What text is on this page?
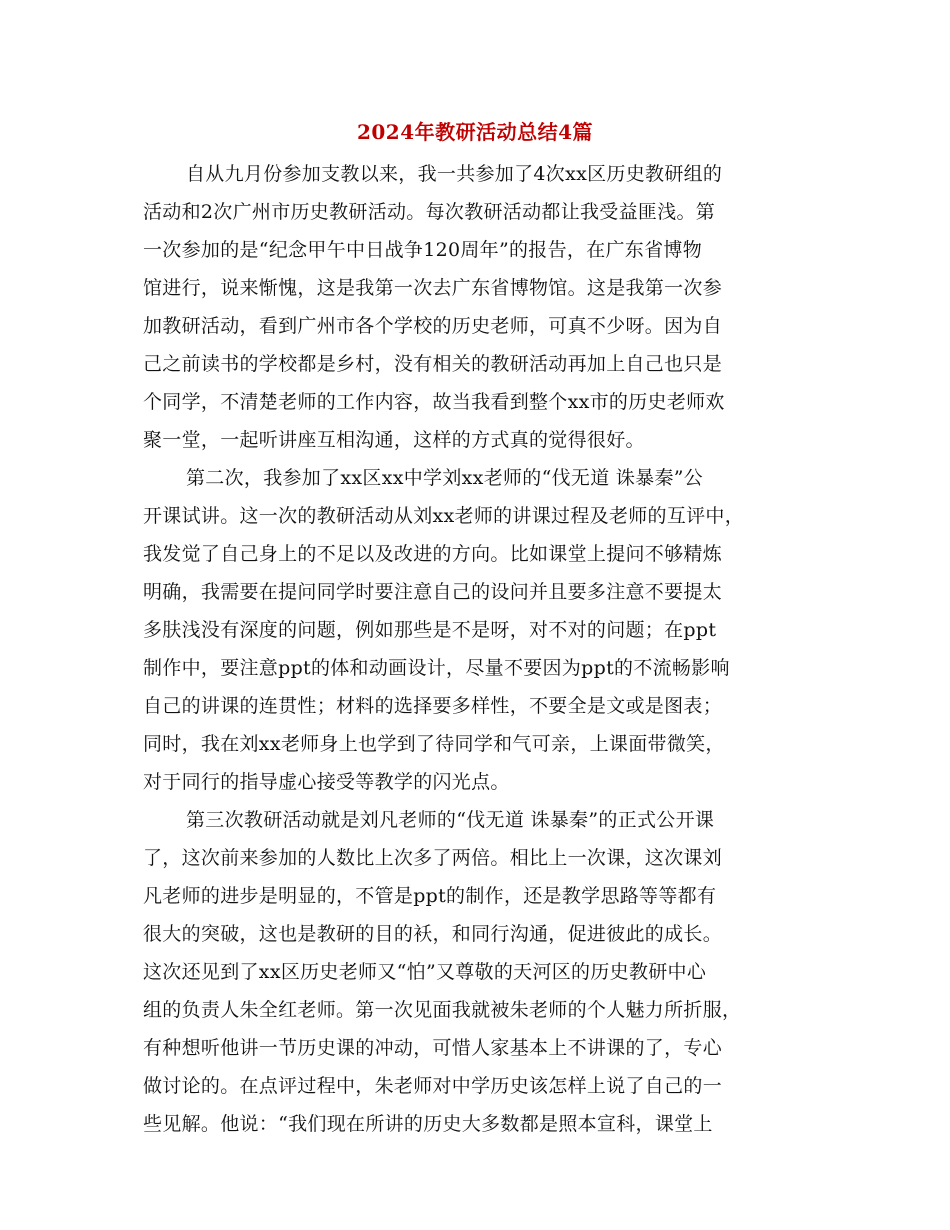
2024年教研活动总结4篇
自从九月份参加支教以来，我一共参加了4次xx区历史教研组的
活动和2次广州市历史教研活动。每次教研活动都让我受益匪浅。第
一次参加的是“纪念甲午中日战争120周年”的报告，在广东省博物
馆进行，说来惭愧，这是我第一次去广东省博物馆。这是我第一次参
加教研活动，看到广州市各个学校的历史老师，可真不少呀。因为自
己之前读书的学校都是乡村，没有相关的教研活动再加上自己也只是
个同学，不清楚老师的工作内容，故当我看到整个xx市的历史老师欢
聚一堂，一起听讲座互相沟通，这样的方式真的觉得很好。
第二次，我参加了xx区xx中学刘xx老师的“伐无道 诛暴秦”公
开课试讲。这一次的教研活动从刘xx老师的讲课过程及老师的互评中，
我发觉了自己身上的不足以及改进的方向。比如课堂上提问不够精炼
明确，我需要在提问同学时要注意自己的设问并且要多注意不要提太
多肤浅没有深度的问题，例如那些是不是呀，对不对的问题；在ppt
制作中，要注意ppt的体和动画设计，尽量不要因为ppt的不流畅影响
自己的讲课的连贯性；材料的选择要多样性，不要全是文或是图表；
同时，我在刘xx老师身上也学到了待同学和气可亲，上课面带微笑，
对于同行的指导虚心接受等教学的闪光点。
第三次教研活动就是刘凡老师的“伐无道 诛暴秦”的正式公开课
了，这次前来参加的人数比上次多了两倍。相比上一次课，这次课刘
凡老师的进步是明显的，不管是ppt的制作，还是教学思路等等都有
很大的突破，这也是教研的目的袄，和同行沟通，促进彼此的成长。
这次还见到了xx区历史老师又“怕”又尊敬的天河区的历史教研中心
组的负责人朱全红老师。第一次见面我就被朱老师的个人魅力所折服，
有种想听他讲一节历史课的冲动，可惜人家基本上不讲课的了，专心
做讨论的。在点评过程中，朱老师对中学历史该怎样上说了自己的一
些见解。他说：“我们现在所讲的历史大多数都是照本宣科，课堂上
